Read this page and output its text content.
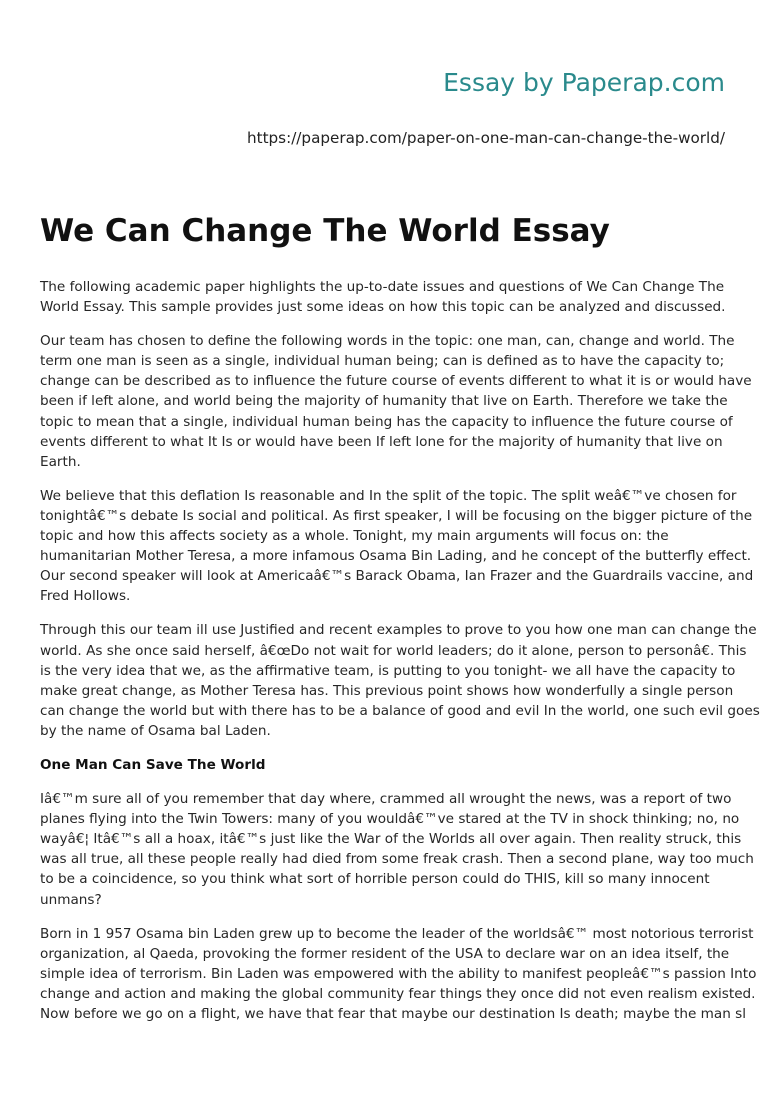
Essay by Paperap.com
https://paperap.com/paper-on-one-man-can-change-the-world/
We Can Change The World Essay

The following academic paper highlights the up-to-date issues and questions of We Can Change The
World Essay. This sample provides just some ideas on how this topic can be analyzed and discussed.

Our team has chosen to define the following words in the topic: one man, can, change and world. The
term one man is seen as a single, individual human being; can is defined as to have the capacity to;
change can be described as to influence the future course of events different to what it is or would have
been if left alone, and world being the majority of humanity that live on Earth. Therefore we take the
topic to mean that a single, individual human being has the capacity to influence the future course of
events different to what It Is or would have been If left lone for the majority of humanity that live on
Earth.

We believe that this deflation Is reasonable and In the split of the topic. The split weâ€™ve chosen for
tonightâ€™s debate Is social and political. As first speaker, I will be focusing on the bigger picture of the
topic and how this affects society as a whole. Tonight, my main arguments will focus on: the
humanitarian Mother Teresa, a more infamous Osama Bin Lading, and he concept of the butterfly effect.
Our second speaker will look at Americaâ€™s Barack Obama, Ian Frazer and the Guardrails vaccine, and
Fred Hollows.

Through this our team ill use Justified and recent examples to prove to you how one man can change the
world. As she once said herself, â€œDo not wait for world leaders; do it alone, person to personâ€. This
is the very idea that we, as the affirmative team, is putting to you tonight- we all have the capacity to
make great change, as Mother Teresa has. This previous point shows how wonderfully a single person
can change the world but with there has to be a balance of good and evil In the world, one such evil goes
by the name of Osama bal Laden.

One Man Can Save The World

Iâ€™m sure all of you remember that day where, crammed all wrought the news, was a report of two
planes flying into the Twin Towers: many of you wouldâ€™ve stared at the TV in shock thinking; no, no
wayâ€¦ Itâ€™s all a hoax, itâ€™s just like the War of the Worlds all over again. Then reality struck, this
was all true, all these people really had died from some freak crash. Then a second plane, way too much
to be a coincidence, so you think what sort of horrible person could do THIS, kill so many innocent
unmans?

Born in 1 957 Osama bin Laden grew up to become the leader of the worldsâ€™ most notorious terrorist
organization, al Qaeda, provoking the former resident of the USA to declare war on an idea itself, the
simple idea of terrorism. Bin Laden was empowered with the ability to manifest peopleâ€™s passion Into
change and action and making the global community fear things they once did not even realism existed.
Now before we go on a flight, we have that fear that maybe our destination Is death; maybe the man sl
